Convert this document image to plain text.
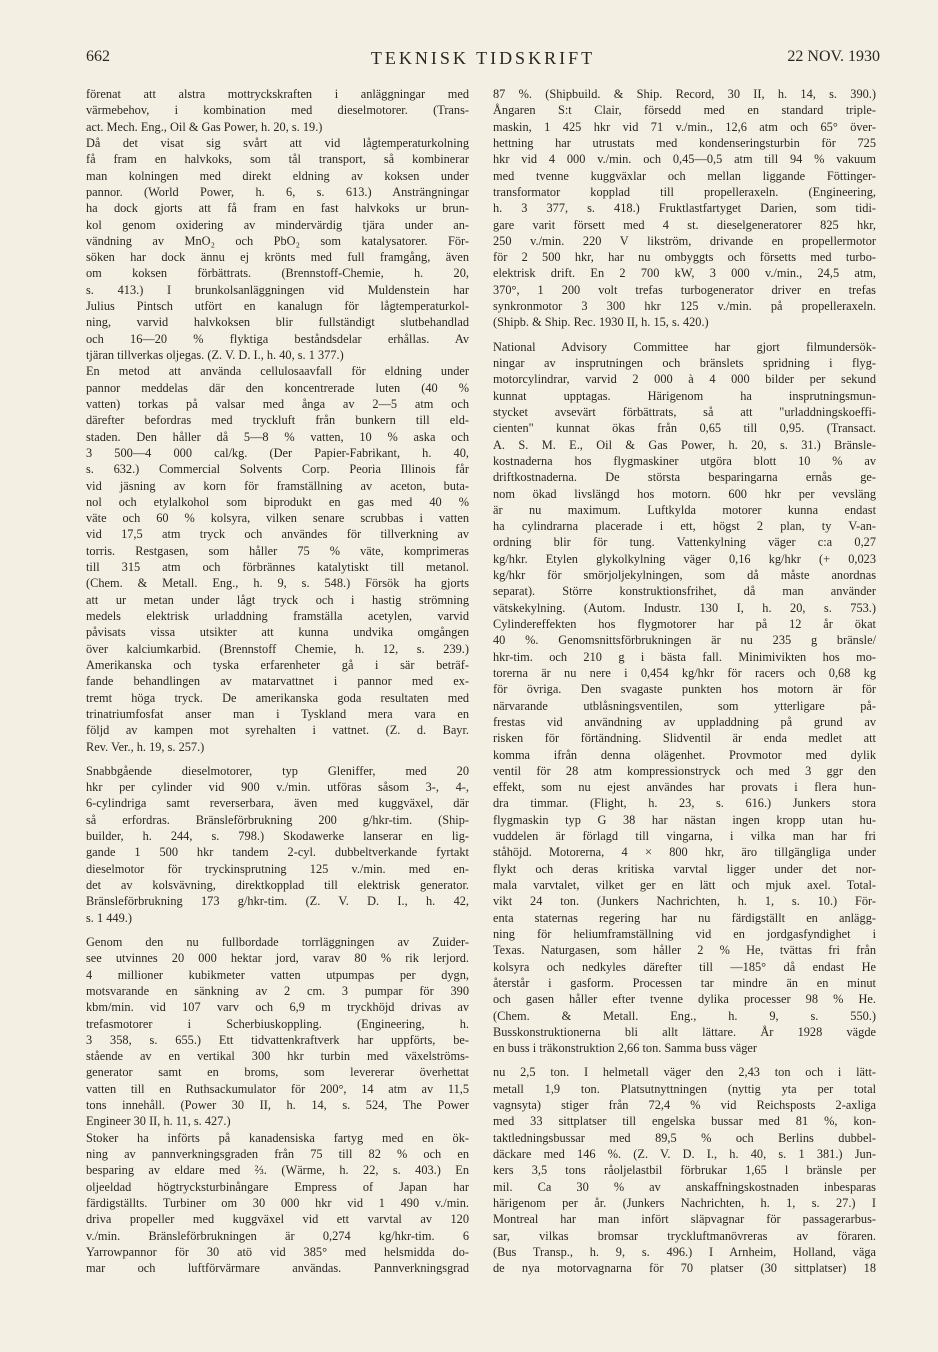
662	TEKNISK TIDSKRIFT	22 NOV. 1930
förenat att alstra mottryckskraften i anläggningar med
värmebehov, i kombination med dieselmotorer. (Trans-
act. Mech. Eng., Oil & Gas Power, h. 20, s. 19.)
Då det visat sig svårt att vid lågtemperaturkolning
få fram en halvkoks, som tål transport, så kombinerar
man kolningen med direkt eldning av koksen under
pannor. (World Power, h. 6, s. 613.) Ansträngningar
ha dock gjorts att få fram en fast halvkoks ur brun-
kol genom oxidering av mindervärdig tjära under an-
vändning av MnO₂ och PbO₂ som katalysatorer. För-
söken har dock ännu ej krönts med full framgång, även
om koksen förbättrats. (Brennstoff-Chemie, h. 20,
s. 413.) I brunkolsanläggningen vid Muldenstein har
Julius Pintsch utfört en kanalugn för lågtemperaturkol-
ning, varvid halvkoksen blir fullständigt slutbehandlad
och 16—20 % flyktiga beståndsdelar erhållas. Av
tjäran tillverkas oljegas. (Z. V. D. I., h. 40, s. 1 377.)
En metod att använda cellulosaavfall för eldning under
pannor meddelas där den koncentrerade luten (40 %
vatten) torkas på valsar med ånga av 2—5 atm och
därefter befordras med tryckluft från bunkern till eld-
staden. Den håller då 5—8 % vatten, 10 % aska och
3 500—4 000 cal/kg. (Der Papier-Fabrikant, h. 40,
s. 632.) Commercial Solvents Corp. Peoria Illinois får
vid jäsning av korn för framställning av aceton, buta-
nol och etylalkohol som biprodukt en gas med 40 %
väte och 60 % kolsyra, vilken senare scrubbas i vatten
vid 17,5 atm tryck och användes för tillverkning av
torris. Restgasen, som håller 75 % väte, komprimeras
till 315 atm och förbrännes katalytiskt till metanol.
(Chem. & Metall. Eng., h. 9, s. 548.) Försök ha gjorts
att ur metan under lågt tryck och i hastig strömning
medels elektrisk urladdning framställa acetylen, varvid
påvisats vissa utsikter att kunna undvika omgången
över kalciumkarbid. (Brennstoff Chemie, h. 12, s. 239.)
Amerikanska och tyska erfarenheter gå i sär beträf-
fande behandlingen av matarvattnet i pannor med ex-
tremt höga tryck. De amerikanska goda resultaten med
trinatriumfosfat anser man i Tyskland mera vara en
följd av kampen mot syrehalten i vattnet. (Z. d. Bayr.
Rev. Ver., h. 19, s. 257.)
Snabbgående dieselmotorer, typ Gleniffer, med 20
hkr per cylinder vid 900 v./min. utföras såsom 3-, 4-,
6-cylindriga samt reverserbara, även med kuggväxel, där
så erfordras. Bränsleförbrukning 200 g/hkr-tim. (Ship-
builder, h. 244, s. 798.) Skodawerke lanserar en lig-
gande 1 500 hkr tandem 2-cyl. dubbeltverkande fyrtakt
dieselmotor för tryckinsprutning 125 v./min. med en-
det av kolsvävning, direktkopplad till elektrisk generator.
Bränsleförbrukning 173 g/hkr-tim. (Z. V. D. I., h. 42,
s. 1 449.)
Genom den nu fullbordade torrläggningen av Zuider-
see utvinnes 20 000 hektar jord, varav 80 % rik lerjord.
4 millioner kubikmeter vatten utpumpas per dygn,
motsvarande en sänkning av 2 cm. 3 pumpar för 390
kbm/min. vid 107 varv och 6,9 m tryckhöjd drivas av
trefasmotorer i Scherbiuskoppling. (Engineering, h.
3 358, s. 655.) Ett tidvattenkraftverk har uppförts, be-
stående av en vertikal 300 hkr turbin med växelströms-
generator samt en broms, som levererar överhettat
vatten till en Ruthsackumulator för 200°, 14 atm av 11,5
tons innehåll. (Power 30 II, h. 14, s. 524, The Power
Engineer 30 II, h. 11, s. 427.)
Stoker ha införts på kanadensiska fartyg med en ök-
ning av pannverkningsgraden från 75 till 82 % och en
besparing av eldare med ⅔. (Wärme, h. 22, s. 403.) En
oljeeldad högtrycksturbinångare Empress of Japan har
färdigställts. Turbiner om 30 000 hkr vid 1 490 v./min.
driva propeller med kuggväxel vid ett varvtal av 120
v./min. Bränsleförbrukningen är 0,274 kg/hkr-tim. 6
Yarrowpannor för 30 atö vid 385° med helsmidda do-
mar och luftförvärmare användas. Pannverkningsgrad
87 %. (Shipbuild. & Ship. Record, 30 II, h. 14, s. 390.)
Ångaren S:t Clair, försedd med en standard triple-
maskin, 1 425 hkr vid 71 v./min., 12,6 atm och 65° över-
hettning har utrustats med kondenseringsturbin för 725
hkr vid 4 000 v./min. och 0,45—0,5 atm till 94 % vakuum
med tvenne kuggväxlar och mellan liggande Föttinger-
transformator kopplad till propelleraxeln. (Engineering,
h. 3 377, s. 418.) Fruktlastfartyget Darien, som tidi-
gare varit försett med 4 st. dieselgeneratorer 825 hkr,
250 v./min. 220 V likström, drivande en propellermotor
för 2 500 hkr, har nu ombyggts och försetts med turbo-
elektrisk drift. En 2 700 kW, 3 000 v./min., 24,5 atm,
370°, 1 200 volt trefas turbogenerator driver en trefas
synkronmotor 3 300 hkr 125 v./min. på propelleraxeln.
(Shipb. & Ship. Rec. 1930 II, h. 15, s. 420.)
National Advisory Committee har gjort filmundersök-
ningar av insprutningen och bränslets spridning i flyg-
motorcylindrar, varvid 2 000 à 4 000 bilder per sekund
kunnat upptagas. Härigenom ha insprutningsmun-
stycket avsevärt förbättrats, så att "urladdningskoeffi-
cienten" kunnat ökas från 0,65 till 0,95. (Transact.
A. S. M. E., Oil & Gas Power, h. 20, s. 31.) Bränsle-
kostnaderna hos flygmaskiner utgöra blott 10 % av
driftkostnaderna. De största besparingarna ernås ge-
nom ökad livslängd hos motorn. 600 hkr per vevsläng
är nu maximum. Luftkylda motorer kunna endast
ha cylindrarna placerade i ett, högst 2 plan, ty V-an-
ordning blir för tung. Vattenkylning väger c:a 0,27
kg/hkr. Etylen glykolkylning väger 0,16 kg/hkr (+ 0,023
kg/hkr för smörjoljekylningen, som då måste anordnas
separat). Större konstruktionsfrihet, då man använder
vätskekylning. (Autom. Industr. 130 I, h. 20, s. 753.)
Cylindereffekten hos flygmotorer har på 12 år ökat
40 %. Genomsnittsförbrukningen är nu 235 g bränsle/
hkr-tim. och 210 g i bästa fall. Minimivikten hos mo-
torerna är nu nere i 0,454 kg/hkr för racers och 0,68 kg
för övriga. Den svagaste punkten hos motorn är för
närvarande utblåsningsventilen, som ytterligare på-
frestas vid användning av uppladdning på grund av
risken för förtändning. Slidventil är enda medlet att
komma ifrån denna olägenhet. Provmotor med dylik
ventil för 28 atm kompressionstryck och med 3 ggr den
effekt, som nu ejest användes har provats i flera hun-
dra timmar. (Flight, h. 23, s. 616.) Junkers stora
flygmaskin typ G 38 har nästan ingen kropp utan hu-
vuddelen är förlagd till vingarna, i vilka man har fri
ståhöjd. Motorerna, 4 × 800 hkr, äro tillgängliga under
flykt och deras kritiska varvtal ligger under det nor-
mala varvtalet, vilket ger en lätt och mjuk axel. Total-
vikt 24 ton. (Junkers Nachrichten, h. 1, s. 10.) För-
enta staternas regering har nu färdigställt en anlägg-
ning för heliumframställning vid en jordgasfyndighet i
Texas. Naturgasen, som håller 2 % He, tvättas fri från
kolsyra och nedkyles därefter till —185° då endast He
återstår i gasform. Processen tar mindre än en minut
och gasen håller efter tvenne dylika processer 98 % He.
(Chem. & Metall. Eng., h. 9, s. 550.)
Busskonstruktionerna bli allt lättare. År 1928 vägde
en buss i träkonstruktion 2,66 ton. Samma buss väger
nu 2,5 ton. I helmetall väger den 2,43 ton och i lätt-
metall 1,9 ton. Platsutnyttningen (nyttig yta per total
vagnsyta) stiger från 72,4 % vid Reichsposts 2-axliga
med 33 sittplatser till engelska bussar med 81 %, kon-
taktledningsbussar med 89,5 % och Berlins dubbel-
däckare med 146 %. (Z. V. D. I., h. 40, s. 1 381.) Jun-
kers 3,5 tons råoljelastbil förbrukar 1,65 l bränsle per
mil. Ca 30 % av anskaffningskostnaden inbesparas
härigenom per år. (Junkers Nachrichten, h. 1, s. 27.) I
Montreal har man infört släpvagnar för passagerarbus-
sar, vilkas bromsar tryckluftmanövreras av föraren.
(Bus Transp., h. 9, s. 496.) I Arnheim, Holland, väga
de nya motorvagnarna för 70 platser (30 sittplatser) 18
